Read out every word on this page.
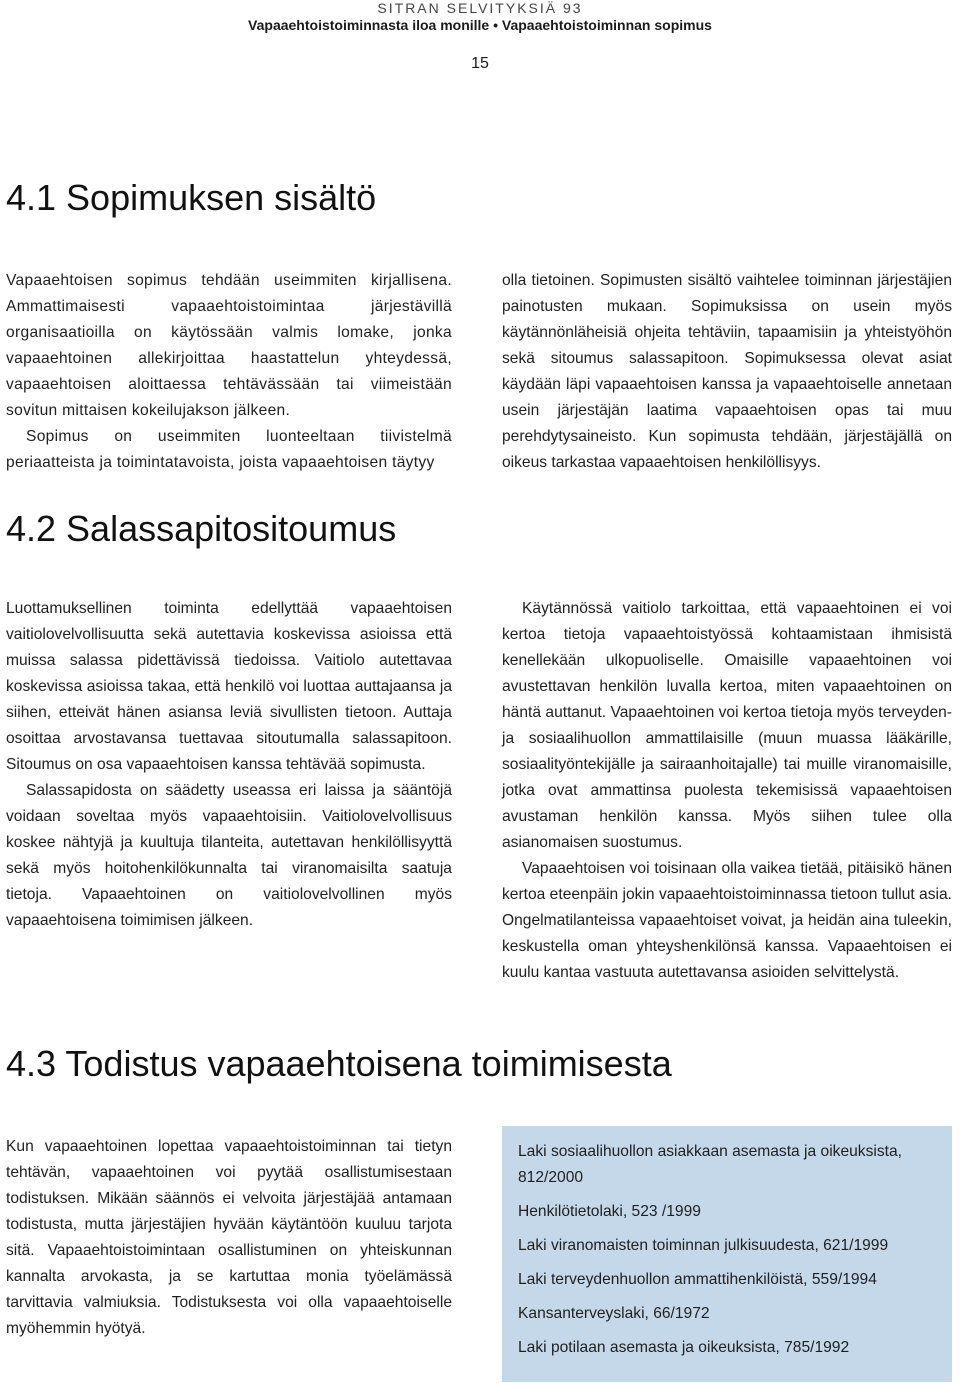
SITRAN SELVITYKSIÄ 93
Vapaaehtoistoiminnasta iloa monille • Vapaaehtoistoiminnan sopimus
15
4.1 Sopimuksen sisältö

Vapaaehtoisen sopimus tehdään useimmiten kirjallisena. Ammattimaisesti vapaaehtoistoimintaa järjestävillä organisaatioilla on käytössään valmis lomake, jonka vapaaehtoinen allekirjoittaa haastattelun yhteydessä, vapaaehtoisen aloittaessa tehtävässään tai viimeistään sovitun mittaisen kokeilujakson jälkeen.

Sopimus on useimmiten luonteeltaan tiivistelmä periaatteista ja toimintatavoista, joista vapaaehtoisen täytyy

olla tietoinen. Sopimusten sisältö vaihtelee toiminnan järjestäjien painotusten mukaan. Sopimuksissa on usein myös käytännönläheisiä ohjeita tehtäviin, tapaamisiin ja yhteistyöhön sekä sitoumus salassapitoon. Sopimuksessa olevat asiat käydään läpi vapaaehtoisen kanssa ja vapaaehtoiselle annetaan usein järjestäjän laatima vapaaehtoisen opas tai muu perehdytysaineisto. Kun sopimusta tehdään, järjestäjällä on oikeus tarkastaa vapaaehtoisen henkilöllisyys.

4.2 Salassapitositoumus

Luottamuksellinen toiminta edellyttää vapaaehtoisen vaitiolovelvollisuutta sekä autettavia koskevissa asioissa että muissa salassa pidettävissä tiedoissa. Vaitiolo autettavaa koskevissa asioissa takaa, että henkilö voi luottaa auttajaansa ja siihen, etteivät hänen asiansa leviä sivullisten tietoon. Auttaja osoittaa arvostavansa tuettavaa sitoutumalla salassapitoon. Sitoumus on osa vapaaehtoisen kanssa tehtävää sopimusta.

Salassapidosta on säädetty useassa eri laissa ja sääntöjä voidaan soveltaa myös vapaaehtoisiin. Vaitiolovelvollisuus koskee nähtyjä ja kuultuja tilanteita, autettavan henkilöllisyyttä sekä myös hoitohenkilökunnalta tai viranomaisilta saatuja tietoja. Vapaaehtoinen on vaitiolovelvollinen myös vapaaehtoisena toimimisen jälkeen.

Käytännössä vaitiolo tarkoittaa, että vapaaehtoinen ei voi kertoa tietoja vapaaehtoistyössä kohtaamistaan ihmisistä kenellekään ulkopuoliselle. Omaisille vapaaehtoinen voi avustettavan henkilön luvalla kertoa, miten vapaaehtoinen on häntä auttanut. Vapaaehtoinen voi kertoa tietoja myös terveyden- ja sosiaalihuollon ammattilaisille (muun muassa lääkärille, sosiaalityöntekijälle ja sairaanhoitajalle) tai muille viranomaisille, jotka ovat ammattinsa puolesta tekemisissä vapaaehtoisen avustaman henkilön kanssa. Myös siihen tulee olla asianomaisen suostumus.

Vapaaehtoisen voi toisinaan olla vaikea tietää, pitäisikö hänen kertoa eteenpäin jokin vapaaehtoistoiminnassa tietoon tullut asia. Ongelmatilanteissa vapaaehtoiset voivat, ja heidän aina tuleekin, keskustella oman yhteyshenkilönsä kanssa. Vapaaehtoisen ei kuulu kantaa vastuuta autettavansa asioiden selvittelystä.

4.3 Todistus vapaaehtoisena toimimisesta

Kun vapaaehtoinen lopettaa vapaaehtoistoiminnan tai tietyn tehtävän, vapaaehtoinen voi pyytää osallistumisestaan todistuksen. Mikään säännös ei velvoita järjestäjää antamaan todistusta, mutta järjestäjien hyvään käytäntöön kuuluu tarjota sitä. Vapaaehtoistoimintaan osallistuminen on yhteiskunnan kannalta arvokasta, ja se kartuttaa monia työelämässä tarvittavia valmiuksia. Todistuksesta voi olla vapaaehtoiselle myöhemmin hyötyä.

Laki sosiaalihuollon asiakkaan asemasta ja oikeuksista, 812/2000

Henkilötietolaki, 523 /1999

Laki viranomaisten toiminnan julkisuudesta, 621/1999

Laki terveydenhuollon ammattihenkilöistä, 559/1994

Kansanterveyslaki, 66/1972

Laki potilaan asemasta ja oikeuksista, 785/1992
